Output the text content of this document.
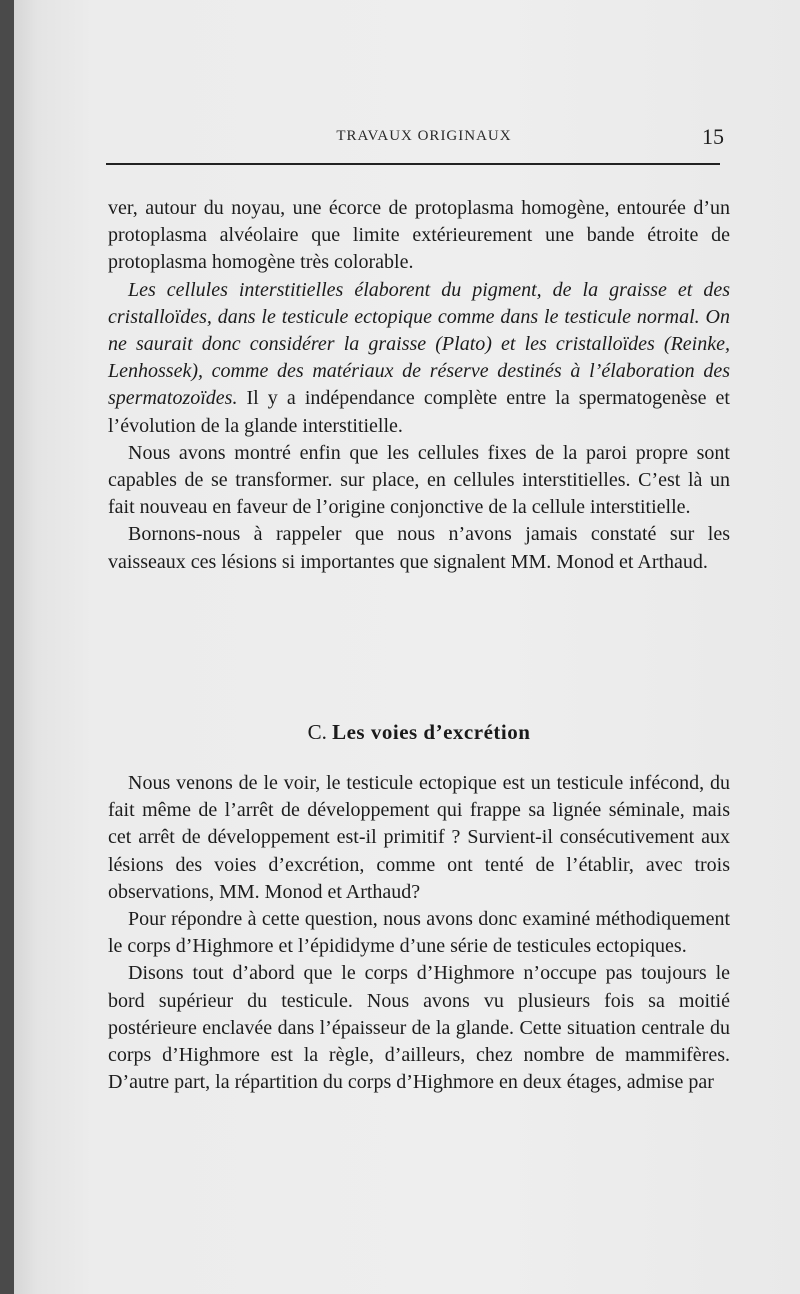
TRAVAUX ORIGINAUX	15

ver, autour du noyau, une écorce de protoplasma homogène, entourée d’un protoplasma alvéolaire que limite extérieurement une bande étroite de protoplasma homogène très colorable.

Les cellules interstitielles élaborent du pigment, de la graisse et des cristalloïdes, dans le testicule ectopique comme dans le testicule normal. On ne saurait donc considérer la graisse (Plato) et les cristalloïdes (Reinke, Lenhossek), comme des matériaux de réserve destinés à l’élaboration des spermatozoïdes. Il y a indépendance complète entre la spermatogenèse et l’évolution de la glande interstitielle.

Nous avons montré enfin que les cellules fixes de la paroi propre sont capables de se transformer. sur place, en cellules interstitielles. C’est là un fait nouveau en faveur de l’origine conjonctive de la cellule interstitielle.

Bornons-nous à rappeler que nous n’avons jamais constaté sur les vaisseaux ces lésions si importantes que signalent MM. Monod et Arthaud.

C. Les voies d’excrétion

Nous venons de le voir, le testicule ectopique est un testicule infécond, du fait même de l’arrêt de développement qui frappe sa lignée séminale, mais cet arrêt de développement est-il primitif ? Survient-il consécutivement aux lésions des voies d’excrétion, comme ont tenté de l’établir, avec trois observations, MM. Monod et Arthaud?

Pour répondre à cette question, nous avons donc examiné méthodiquement le corps d’Highmore et l’épididyme d’une série de testicules ectopiques.

Disons tout d’abord que le corps d’Highmore n’occupe pas toujours le bord supérieur du testicule. Nous avons vu plusieurs fois sa moitié postérieure enclavée dans l’épaisseur de la glande. Cette situation centrale du corps d’Highmore est la règle, d’ailleurs, chez nombre de mammifères. D’autre part, la répartition du corps d’Highmore en deux étages, admise par
